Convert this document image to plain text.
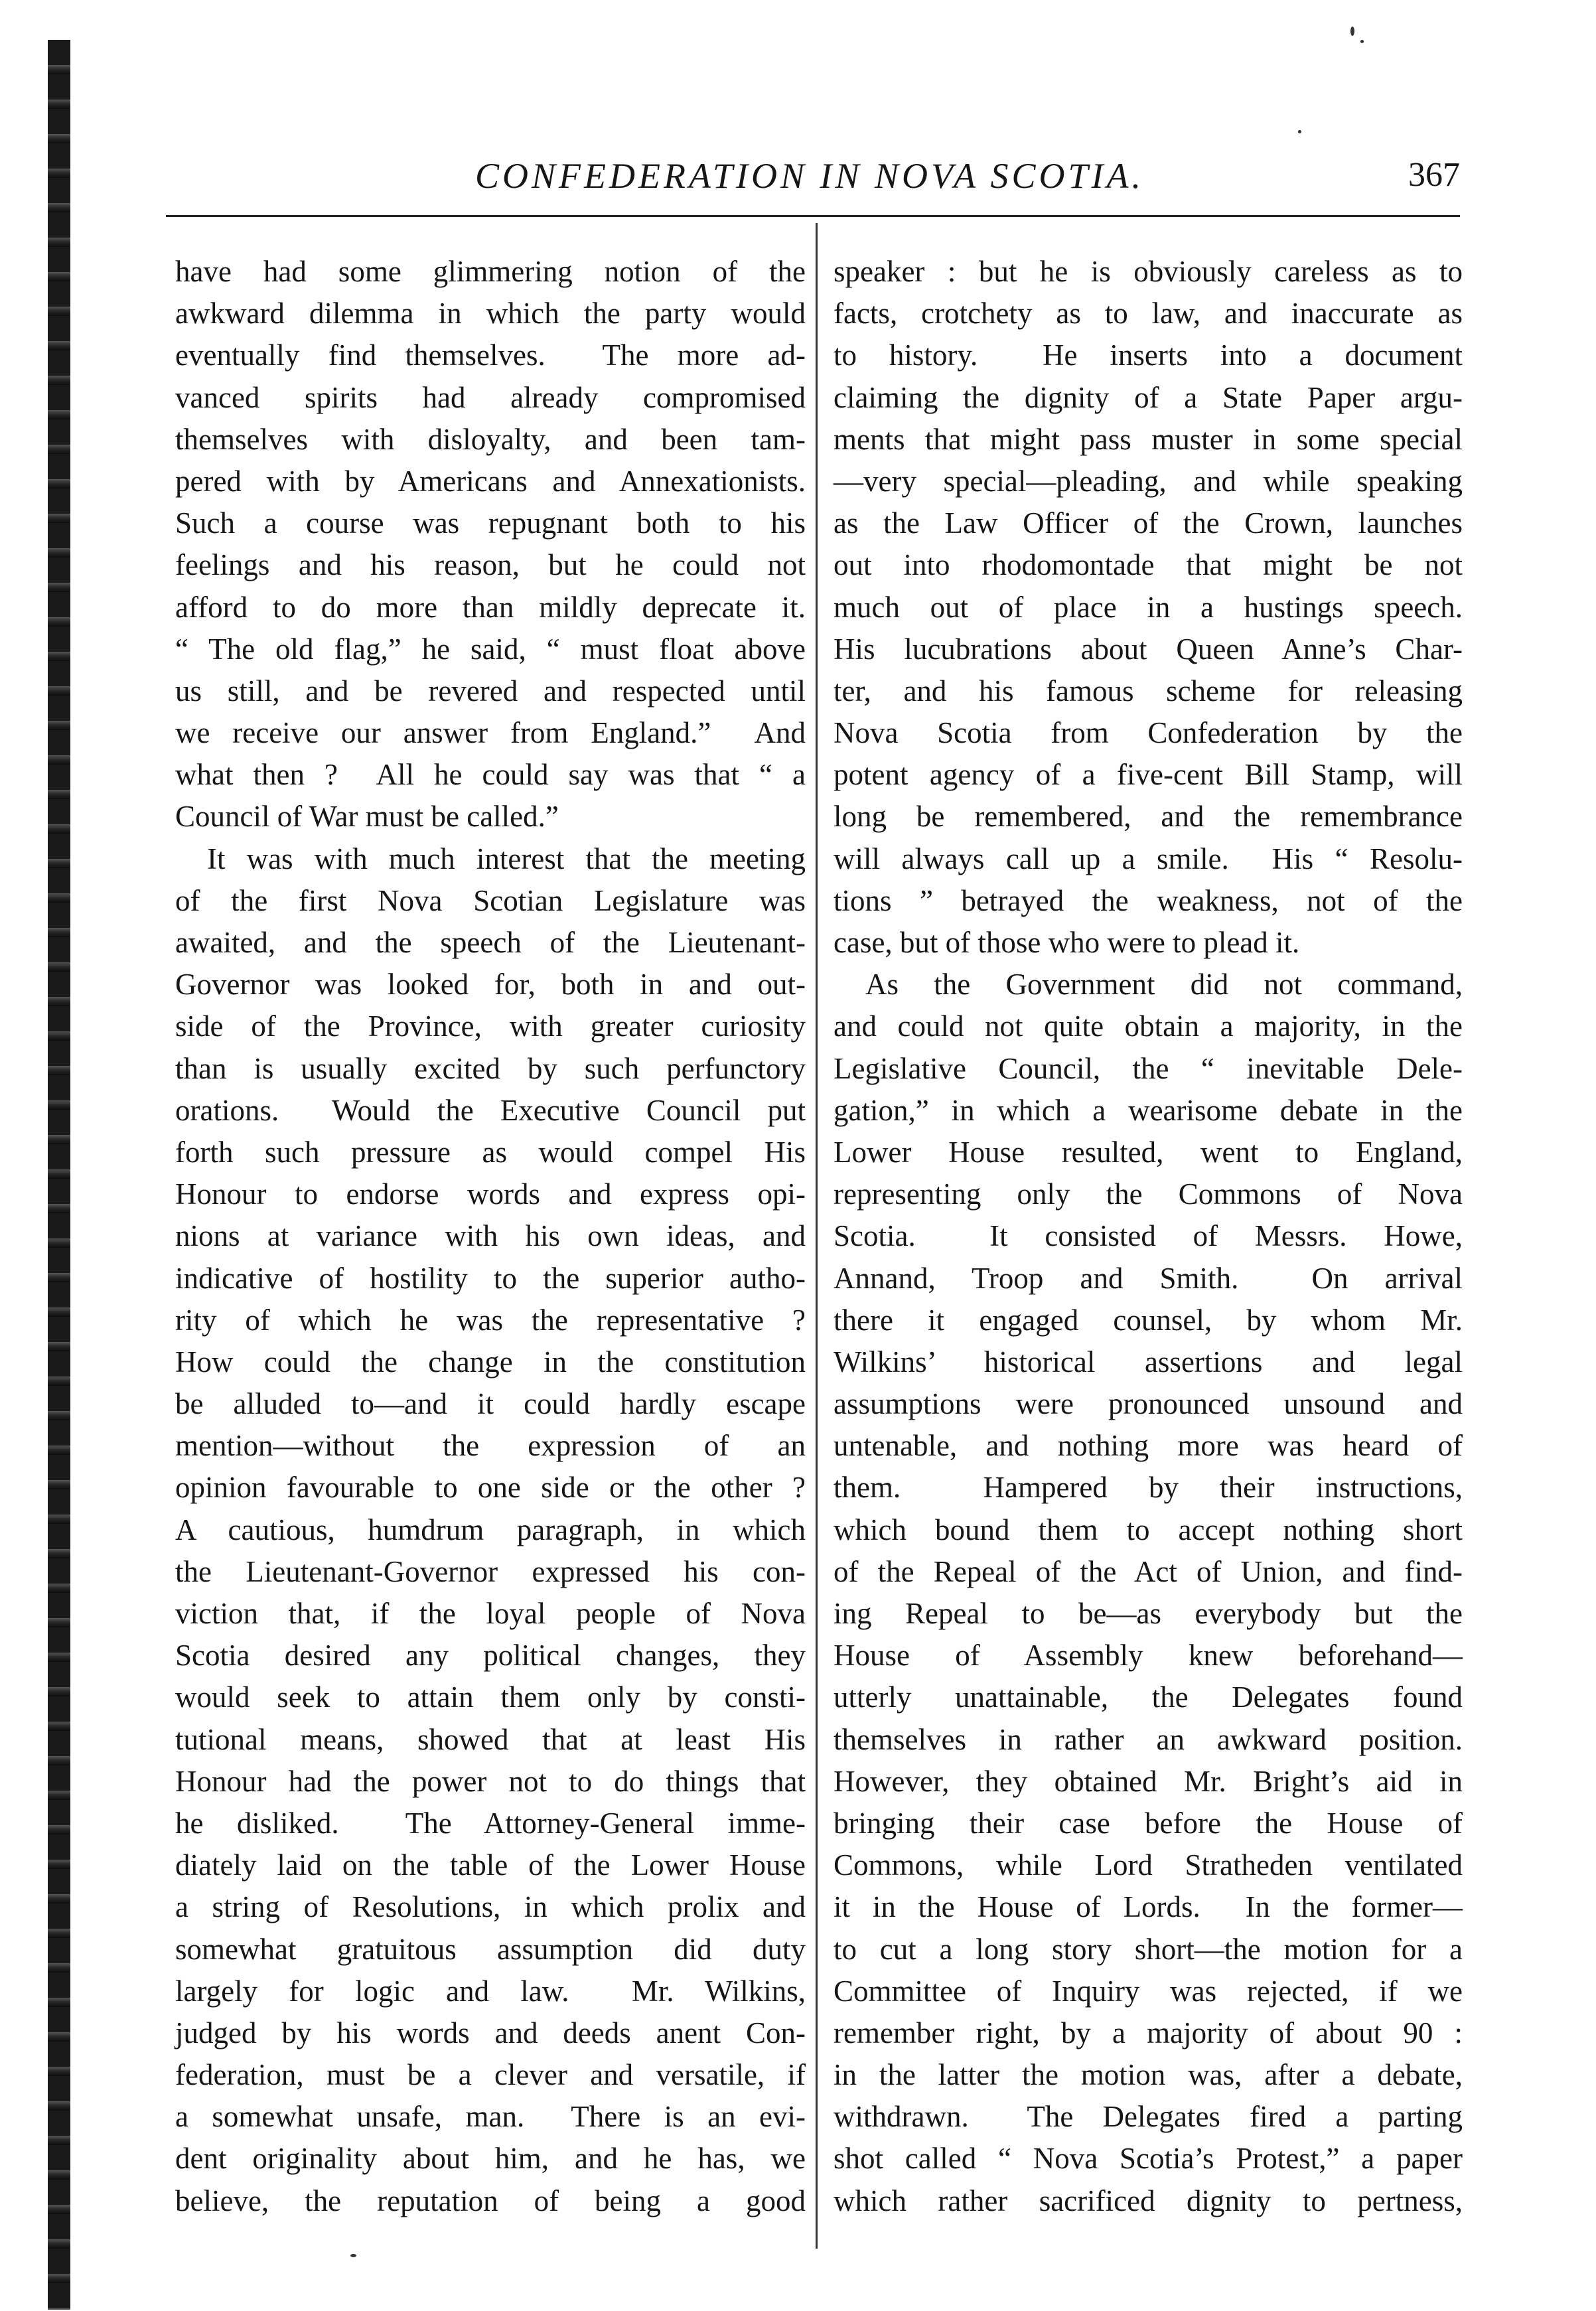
CONFEDERATION IN NOVA SCOTIA.	367
have had some glimmering notion of the
awkward dilemma in which the party would
eventually find themselves.  The more ad-
vanced spirits had already compromised
themselves with disloyalty, and been tam-
pered with by Americans and Annexationists.
Such a course was repugnant both to his
feelings and his reason, but he could not
afford to do more than mildly deprecate it.
“ The old flag,” he said, “ must float above
us still, and be revered and respected until
we receive our answer from England.”  And
what then ?  All he could say was that “ a
Council of War must be called.”
It was with much interest that the meeting
of the first Nova Scotian Legislature was
awaited, and the speech of the Lieutenant-
Governor was looked for, both in and out-
side of the Province, with greater curiosity
than is usually excited by such perfunctory
orations.  Would the Executive Council put
forth such pressure as would compel His
Honour to endorse words and express opi-
nions at variance with his own ideas, and
indicative of hostility to the superior autho-
rity of which he was the representative ?
How could the change in the constitution
be alluded to—and it could hardly escape
mention—without the expression of an
opinion favourable to one side or the other ?
A cautious, humdrum paragraph, in which
the Lieutenant-Governor expressed his con-
viction that, if the loyal people of Nova
Scotia desired any political changes, they
would seek to attain them only by consti-
tutional means, showed that at least His
Honour had the power not to do things that
he disliked.  The Attorney-General imme-
diately laid on the table of the Lower House
a string of Resolutions, in which prolix and
somewhat gratuitous assumption did duty
largely for logic and law.  Mr. Wilkins,
judged by his words and deeds anent Con-
federation, must be a clever and versatile, if
a somewhat unsafe, man.  There is an evi-
dent originality about him, and he has, we
believe, the reputation of being a good
speaker : but he is obviously careless as to
facts, crotchety as to law, and inaccurate as
to history.  He inserts into a document
claiming the dignity of a State Paper argu-
ments that might pass muster in some special
—very special—pleading, and while speaking
as the Law Officer of the Crown, launches
out into rhodomontade that might be not
much out of place in a hustings speech.
His lucubrations about Queen Anne’s Char-
ter, and his famous scheme for releasing
Nova Scotia from Confederation by the
potent agency of a five-cent Bill Stamp, will
long be remembered, and the remembrance
will always call up a smile.  His “ Resolu-
tions ” betrayed the weakness, not of the
case, but of those who were to plead it.
As the Government did not command,
and could not quite obtain a majority, in the
Legislative Council, the “ inevitable Dele-
gation,” in which a wearisome debate in the
Lower House resulted, went to England,
representing only the Commons of Nova
Scotia.  It consisted of Messrs. Howe,
Annand, Troop and Smith.  On arrival
there it engaged counsel, by whom Mr.
Wilkins’ historical assertions and legal
assumptions were pronounced unsound and
untenable, and nothing more was heard of
them.  Hampered by their instructions,
which bound them to accept nothing short
of the Repeal of the Act of Union, and find-
ing Repeal to be—as everybody but the
House of Assembly knew beforehand—
utterly unattainable, the Delegates found
themselves in rather an awkward position.
However, they obtained Mr. Bright’s aid in
bringing their case before the House of
Commons, while Lord Stratheden ventilated
it in the House of Lords.  In the former—
to cut a long story short—the motion for a
Committee of Inquiry was rejected, if we
remember right, by a majority of about 90 :
in the latter the motion was, after a debate,
withdrawn.  The Delegates fired a parting
shot called “ Nova Scotia’s Protest,” a paper
which rather sacrificed dignity to pertness,
